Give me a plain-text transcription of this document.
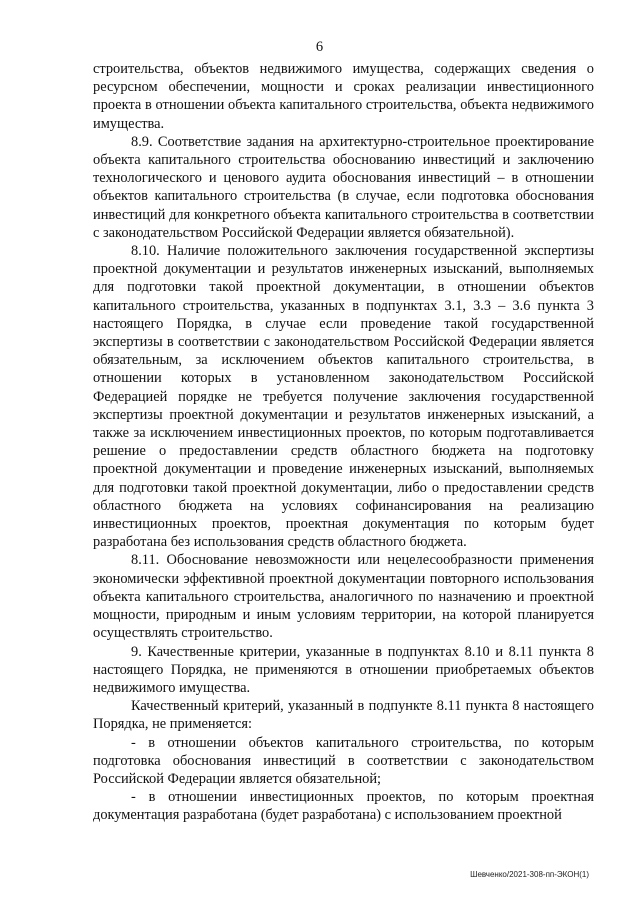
6

строительства, объектов недвижимого имущества, содержащих сведения о ресурсном обеспечении, мощности и сроках реализации инвестиционного проекта в отношении объекта капитального строительства, объекта недвижимого имущества.

8.9. Соответствие задания на архитектурно-строительное проектирование объекта капитального строительства обоснованию инвестиций и заключению технологического и ценового аудита обоснования инвестиций – в отношении объектов капитального строительства (в случае, если подготовка обоснования инвестиций для конкретного объекта капитального строительства в соответствии с законодательством Российской Федерации является обязательной).

8.10. Наличие положительного заключения государственной экспертизы проектной документации и результатов инженерных изысканий, выполняемых для подготовки такой проектной документации, в отношении объектов капитального строительства, указанных в подпунктах 3.1, 3.3 – 3.6 пункта 3 настоящего Порядка, в случае если проведение такой государственной экспертизы в соответствии с законодательством Российской Федерации является обязательным, за исключением объектов капитального строительства, в отношении которых в установленном законодательством Российской Федерацией порядке не требуется получение заключения государственной экспертизы проектной документации и результатов инженерных изысканий, а также за исключением инвестиционных проектов, по которым подготавливается решение о предоставлении средств областного бюджета на подготовку проектной документации и проведение инженерных изысканий, выполняемых для подготовки такой проектной документации, либо о предоставлении средств областного бюджета на условиях софинансирования на реализацию инвестиционных проектов, проектная документация по которым будет разработана без использования средств областного бюджета.

8.11. Обоснование невозможности или нецелесообразности применения экономически эффективной проектной документации повторного использования объекта капитального строительства, аналогичного по назначению и проектной мощности, природным и иным условиям территории, на которой планируется осуществлять строительство.

9. Качественные критерии, указанные в подпунктах 8.10 и 8.11 пункта 8 настоящего Порядка, не применяются в отношении приобретаемых объектов недвижимого имущества.

Качественный критерий, указанный в подпункте 8.11 пункта 8 настоящего Порядка, не применяется:

- в отношении объектов капитального строительства, по которым подготовка обоснования инвестиций в соответствии с законодательством Российской Федерации является обязательной;

- в отношении инвестиционных проектов, по которым проектная документация разработана (будет разработана) с использованием проектной

Шевченко/2021-308-пп-ЭКОН(1)
